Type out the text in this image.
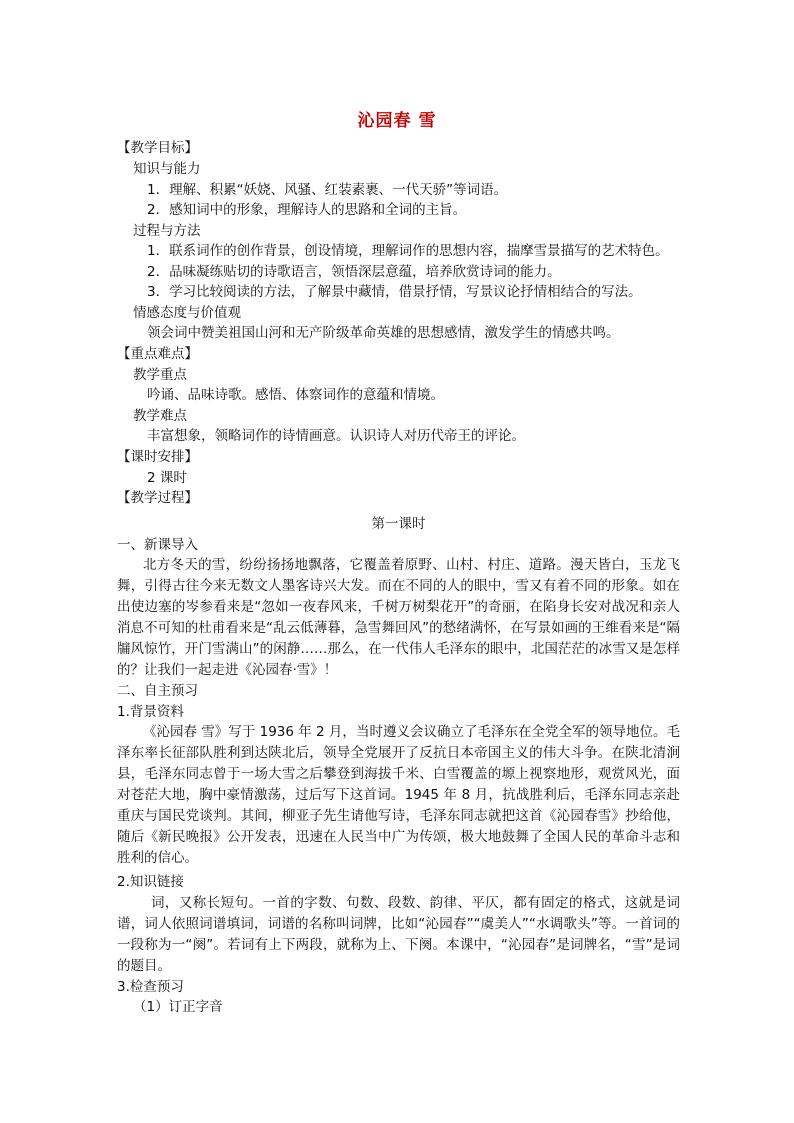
沁园春 雪
【教学目标】
知识与能力
1．理解、积累“妖娆、风骚、红装素裹、一代天骄”等词语。
2．感知词中的形象，理解诗人的思路和全词的主旨。
过程与方法
1．联系词作的创作背景，创设情境，理解词作的思想内容，揣摩雪景描写的艺术特色。
2．品味凝练贴切的诗歌语言，领悟深层意蕴，培养欣赏诗词的能力。
3．学习比较阅读的方法，了解景中藏情，借景抒情，写景议论抒情相结合的写法。
情感态度与价值观
领会词中赞美祖国山河和无产阶级革命英雄的思想感情，激发学生的情感共鸣。
【重点难点】
教学重点
吟诵、品味诗歌。感悟、体察词作的意蕴和情境。
教学难点
丰富想象，领略词作的诗情画意。认识诗人对历代帝王的评论。
【课时安排】
2 课时
【教学过程】
第一课时
一、新课导入
北方冬天的雪，纷纷扬扬地飘落，它覆盖着原野、山村、村庄、道路。漫天皆白，玉龙飞舞，引得古往今来无数文人墨客诗兴大发。而在不同的人的眼中，雪又有着不同的形象。如在出使边塞的岑参看来是“忽如一夜春风来，千树万树梨花开”的奇丽，在陷身长安对战况和亲人消息不可知的杜甫看来是“乱云低薄暮，急雪舞回风”的愁绪满怀，在写景如画的王维看来是“隔牖风惊竹，开门雪满山”的闲静……那么，在一代伟人毛泽东的眼中，北国茫茫的冰雪又是怎样的？让我们一起走进《沁园春·雪》！
二、自主预习
1.背景资料
《沁园春 雪》写于 1936 年 2 月，当时遵义会议确立了毛泽东在全党全军的领导地位。毛泽东率长征部队胜利到达陕北后，领导全党展开了反抗日本帝国主义的伟大斗争。在陕北清涧县，毛泽东同志曾于一场大雪之后攀登到海拔千米、白雪覆盖的塬上视察地形，观赏风光，面对苍茫大地，胸中豪情激荡，过后写下这首词。1945 年 8 月，抗战胜利后，毛泽东同志亲赴重庆与国民党谈判。其间，柳亚子先生请他写诗，毛泽东同志就把这首《沁园春雪》抄给他，随后《新民晚报》公开发表，迅速在人民当中广为传颂，极大地鼓舞了全国人民的革命斗志和胜利的信心。
2.知识链接
词，又称长短句。一首的字数、句数、段数、韵律、平仄，都有固定的格式，这就是词谱，词人依照词谱填词，词谱的名称叫词牌，比如“沁园春”“虞美人”“水调歌头”等。一首词的一段称为一“阕”。若词有上下两段，就称为上、下阕。本课中，“沁园春”是词牌名，“雪”是词的题目。
3.检查预习
（1）订正字音
